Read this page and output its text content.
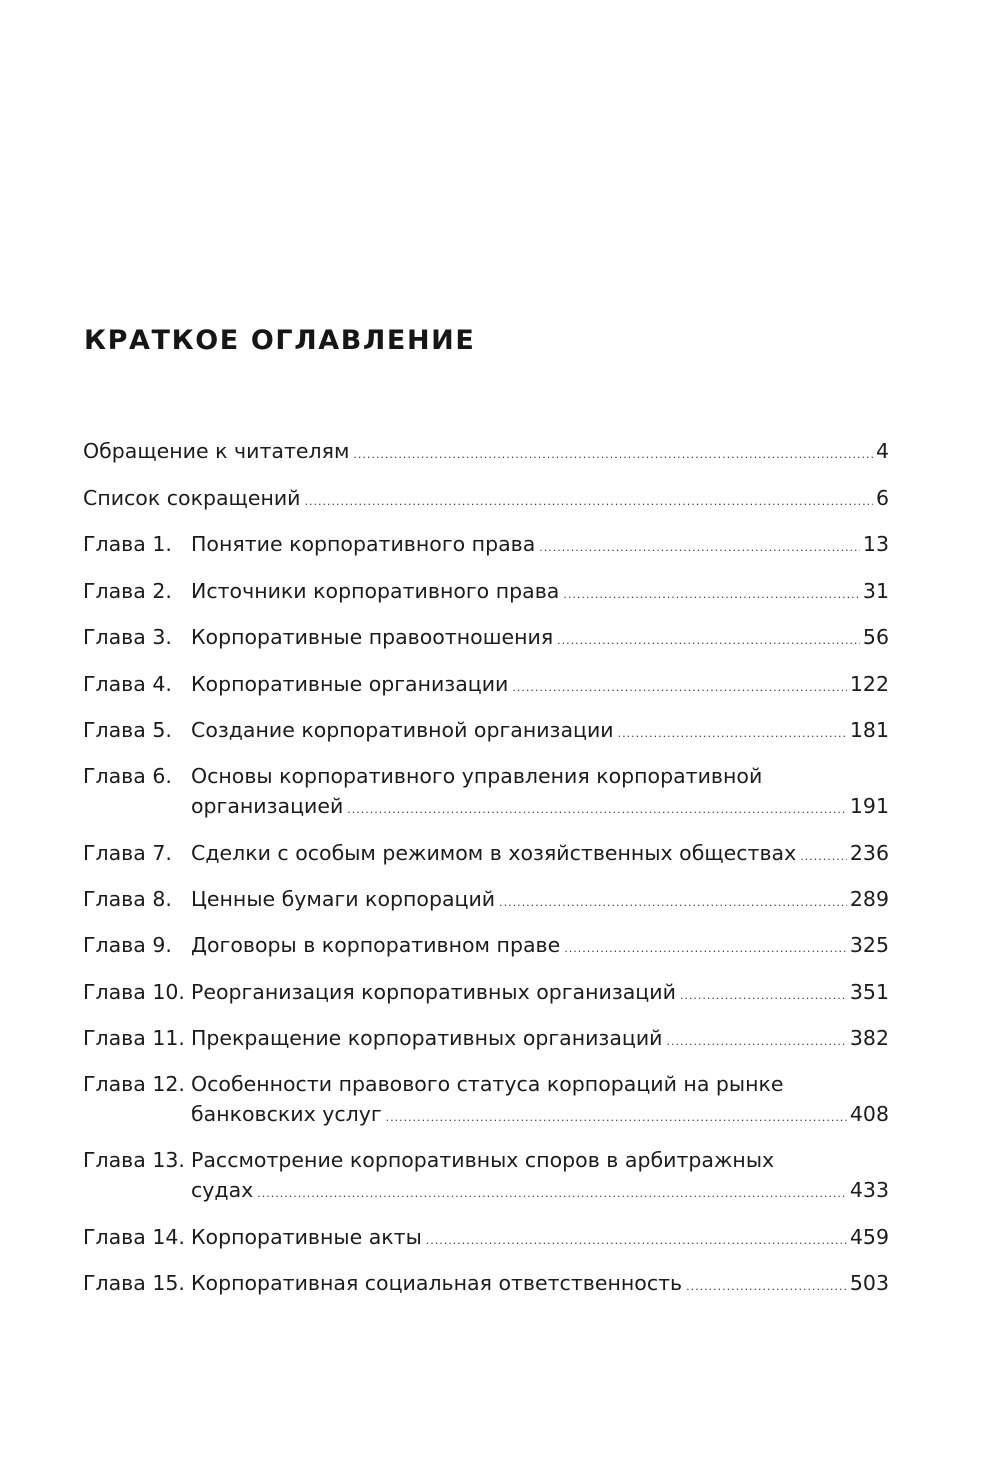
КРАТКОЕ ОГЛАВЛЕНИЕ
Обращение к читателям .....	4
Список сокращений .....	6
Глава 1. Понятие корпоративного права .....	13
Глава 2. Источники корпоративного права .....	31
Глава 3. Корпоративные правоотношения .....	56
Глава 4. Корпоративные организации .....	122
Глава 5. Создание корпоративной организации .....	181
Глава 6. Основы корпоративного управления корпоративной
организацией .....	191
Глава 7. Сделки с особым режимом в хозяйственных обществах .....	236
Глава 8. Ценные бумаги корпораций .....	289
Глава 9. Договоры в корпоративном праве .....	325
Глава 10. Реорганизация корпоративных организаций .....	351
Глава 11. Прекращение корпоративных организаций .....	382
Глава 12. Особенности правового статуса корпораций на рынке
банковских услуг .....	408
Глава 13. Рассмотрение корпоративных споров в арбитражных
судах .....	433
Глава 14. Корпоративные акты .....	459
Глава 15. Корпоративная социальная ответственность .....	503
